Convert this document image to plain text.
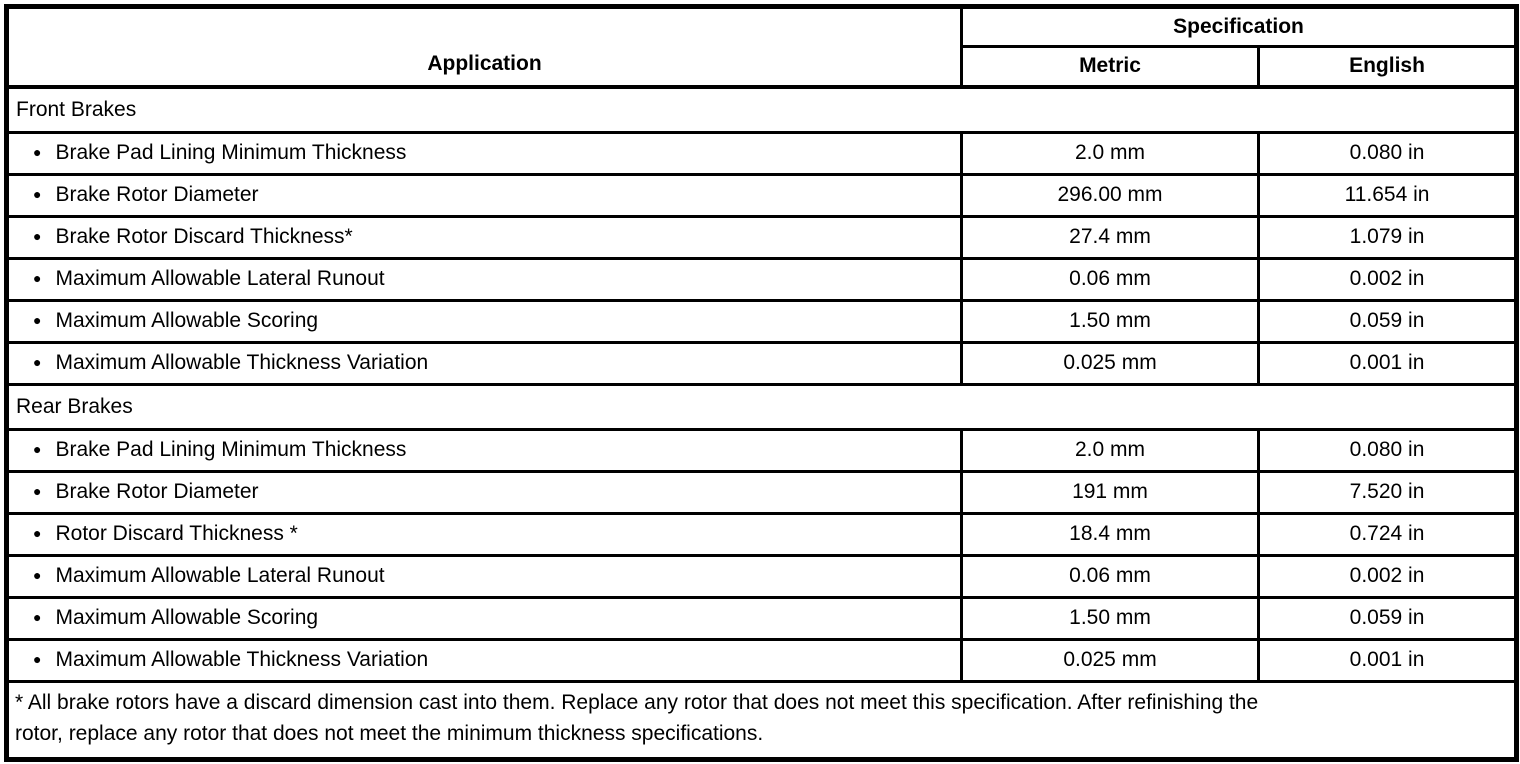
Application	Specification	
	Metric	English
Front Brakes		
● Brake Pad Lining Minimum Thickness	2.0 mm	0.080 in
● Brake Rotor Diameter	296.00 mm	11.654 in
● Brake Rotor Discard Thickness*	27.4 mm	1.079 in
● Maximum Allowable Lateral Runout	0.06 mm	0.002 in
● Maximum Allowable Scoring	1.50 mm	0.059 in
● Maximum Allowable Thickness Variation	0.025 mm	0.001 in
Rear Brakes		
● Brake Pad Lining Minimum Thickness	2.0 mm	0.080 in
● Brake Rotor Diameter	191 mm	7.520 in
● Rotor Discard Thickness *	18.4 mm	0.724 in
● Maximum Allowable Lateral Runout	0.06 mm	0.002 in
● Maximum Allowable Scoring	1.50 mm	0.059 in
● Maximum Allowable Thickness Variation	0.025 mm	0.001 in

* All brake rotors have a discard dimension cast into them. Replace any rotor that does not meet this specification. After refinishing the
rotor, replace any rotor that does not meet the minimum thickness specifications.		
